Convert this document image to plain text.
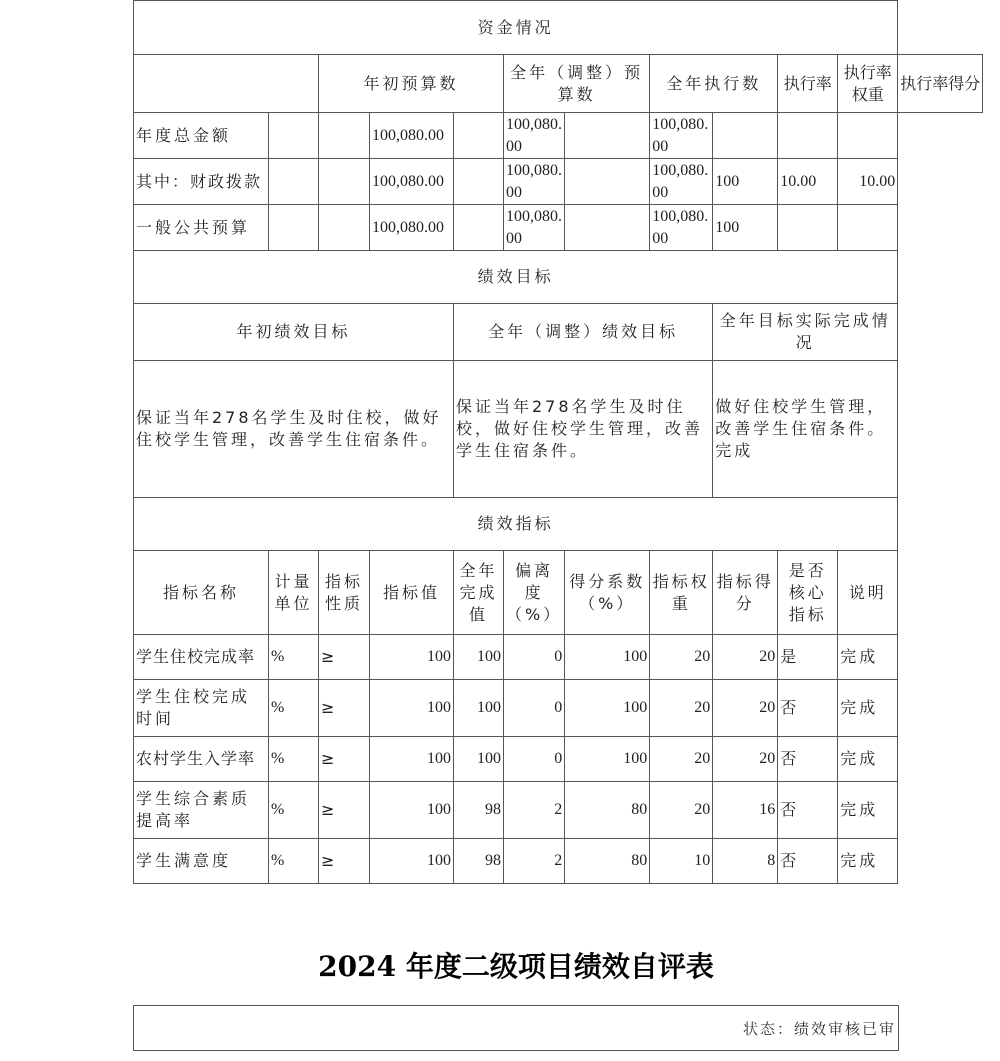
资金情况											
		年初预算数			全年（调整）预算数		全年执行数		执行率	执行率权重	执行率得分
年度总金额			100,080.00		100,080.00		100,080.00				
其中：财政拨款			100,080.00		100,080.00		100,080.00	100	10.00	10.00	
一般公共预算			100,080.00		100,080.00		100,080.00	100			
绩效目标											
年初绩效目标				全年（调整）绩效目标				全年目标实际完成情况			
保证当年278名学生及时住校，做好住校学生管理，改善学生住宿条件。				保证当年278名学生及时住校，做好住校学生管理，改善学生住宿条件。				做好住校学生管理，改善学生住宿条件。完成			
绩效指标											
指标名称	计量单位	指标性质	指标值	全年完成值	偏离度（%）	得分系数（%）	指标权重	指标得分	是否核心指标	说明	
学生住校完成率	%	≥	100	100	0	100	20	20	是	完成	
学生住校完成时间	%	≥	100	100	0	100	20	20	否	完成	
农村学生入学率	%	≥	100	100	0	100	20	20	否	完成	
学生综合素质提高率	%	≥	100	98	2	80	20	16	否	完成	
学生满意度	%	≥	100	98	2	80	10	8	否	完成	
2024 年度二级项目绩效自评表
状态：绩效审核已审
